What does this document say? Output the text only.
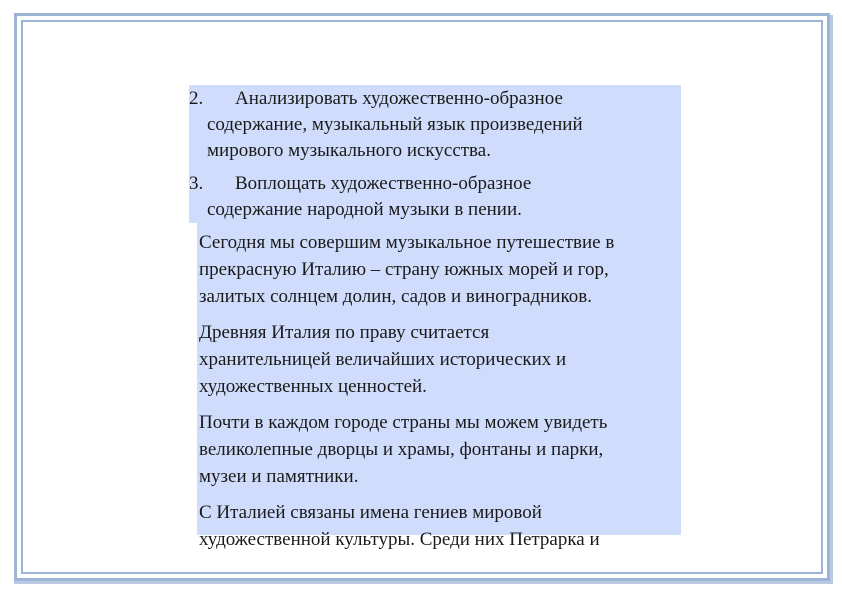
2. Анализировать художественно-образное
содержание, музыкальный язык произведений
мирового музыкального искусства.
3. Воплощать художественно-образное
содержание народной музыки в пении.
Сегодня мы совершим музыкальное путешествие в
прекрасную Италию – страну южных морей и гор,
залитых солнцем долин, садов и виноградников.
Древняя Италия по праву считается
хранительницей величайших исторических и
художественных ценностей.
Почти в каждом городе страны мы можем увидеть
великолепные дворцы и храмы, фонтаны и парки,
музеи и памятники.
С Италией связаны имена гениев мировой
художественной культуры. Среди них Петрарка и
